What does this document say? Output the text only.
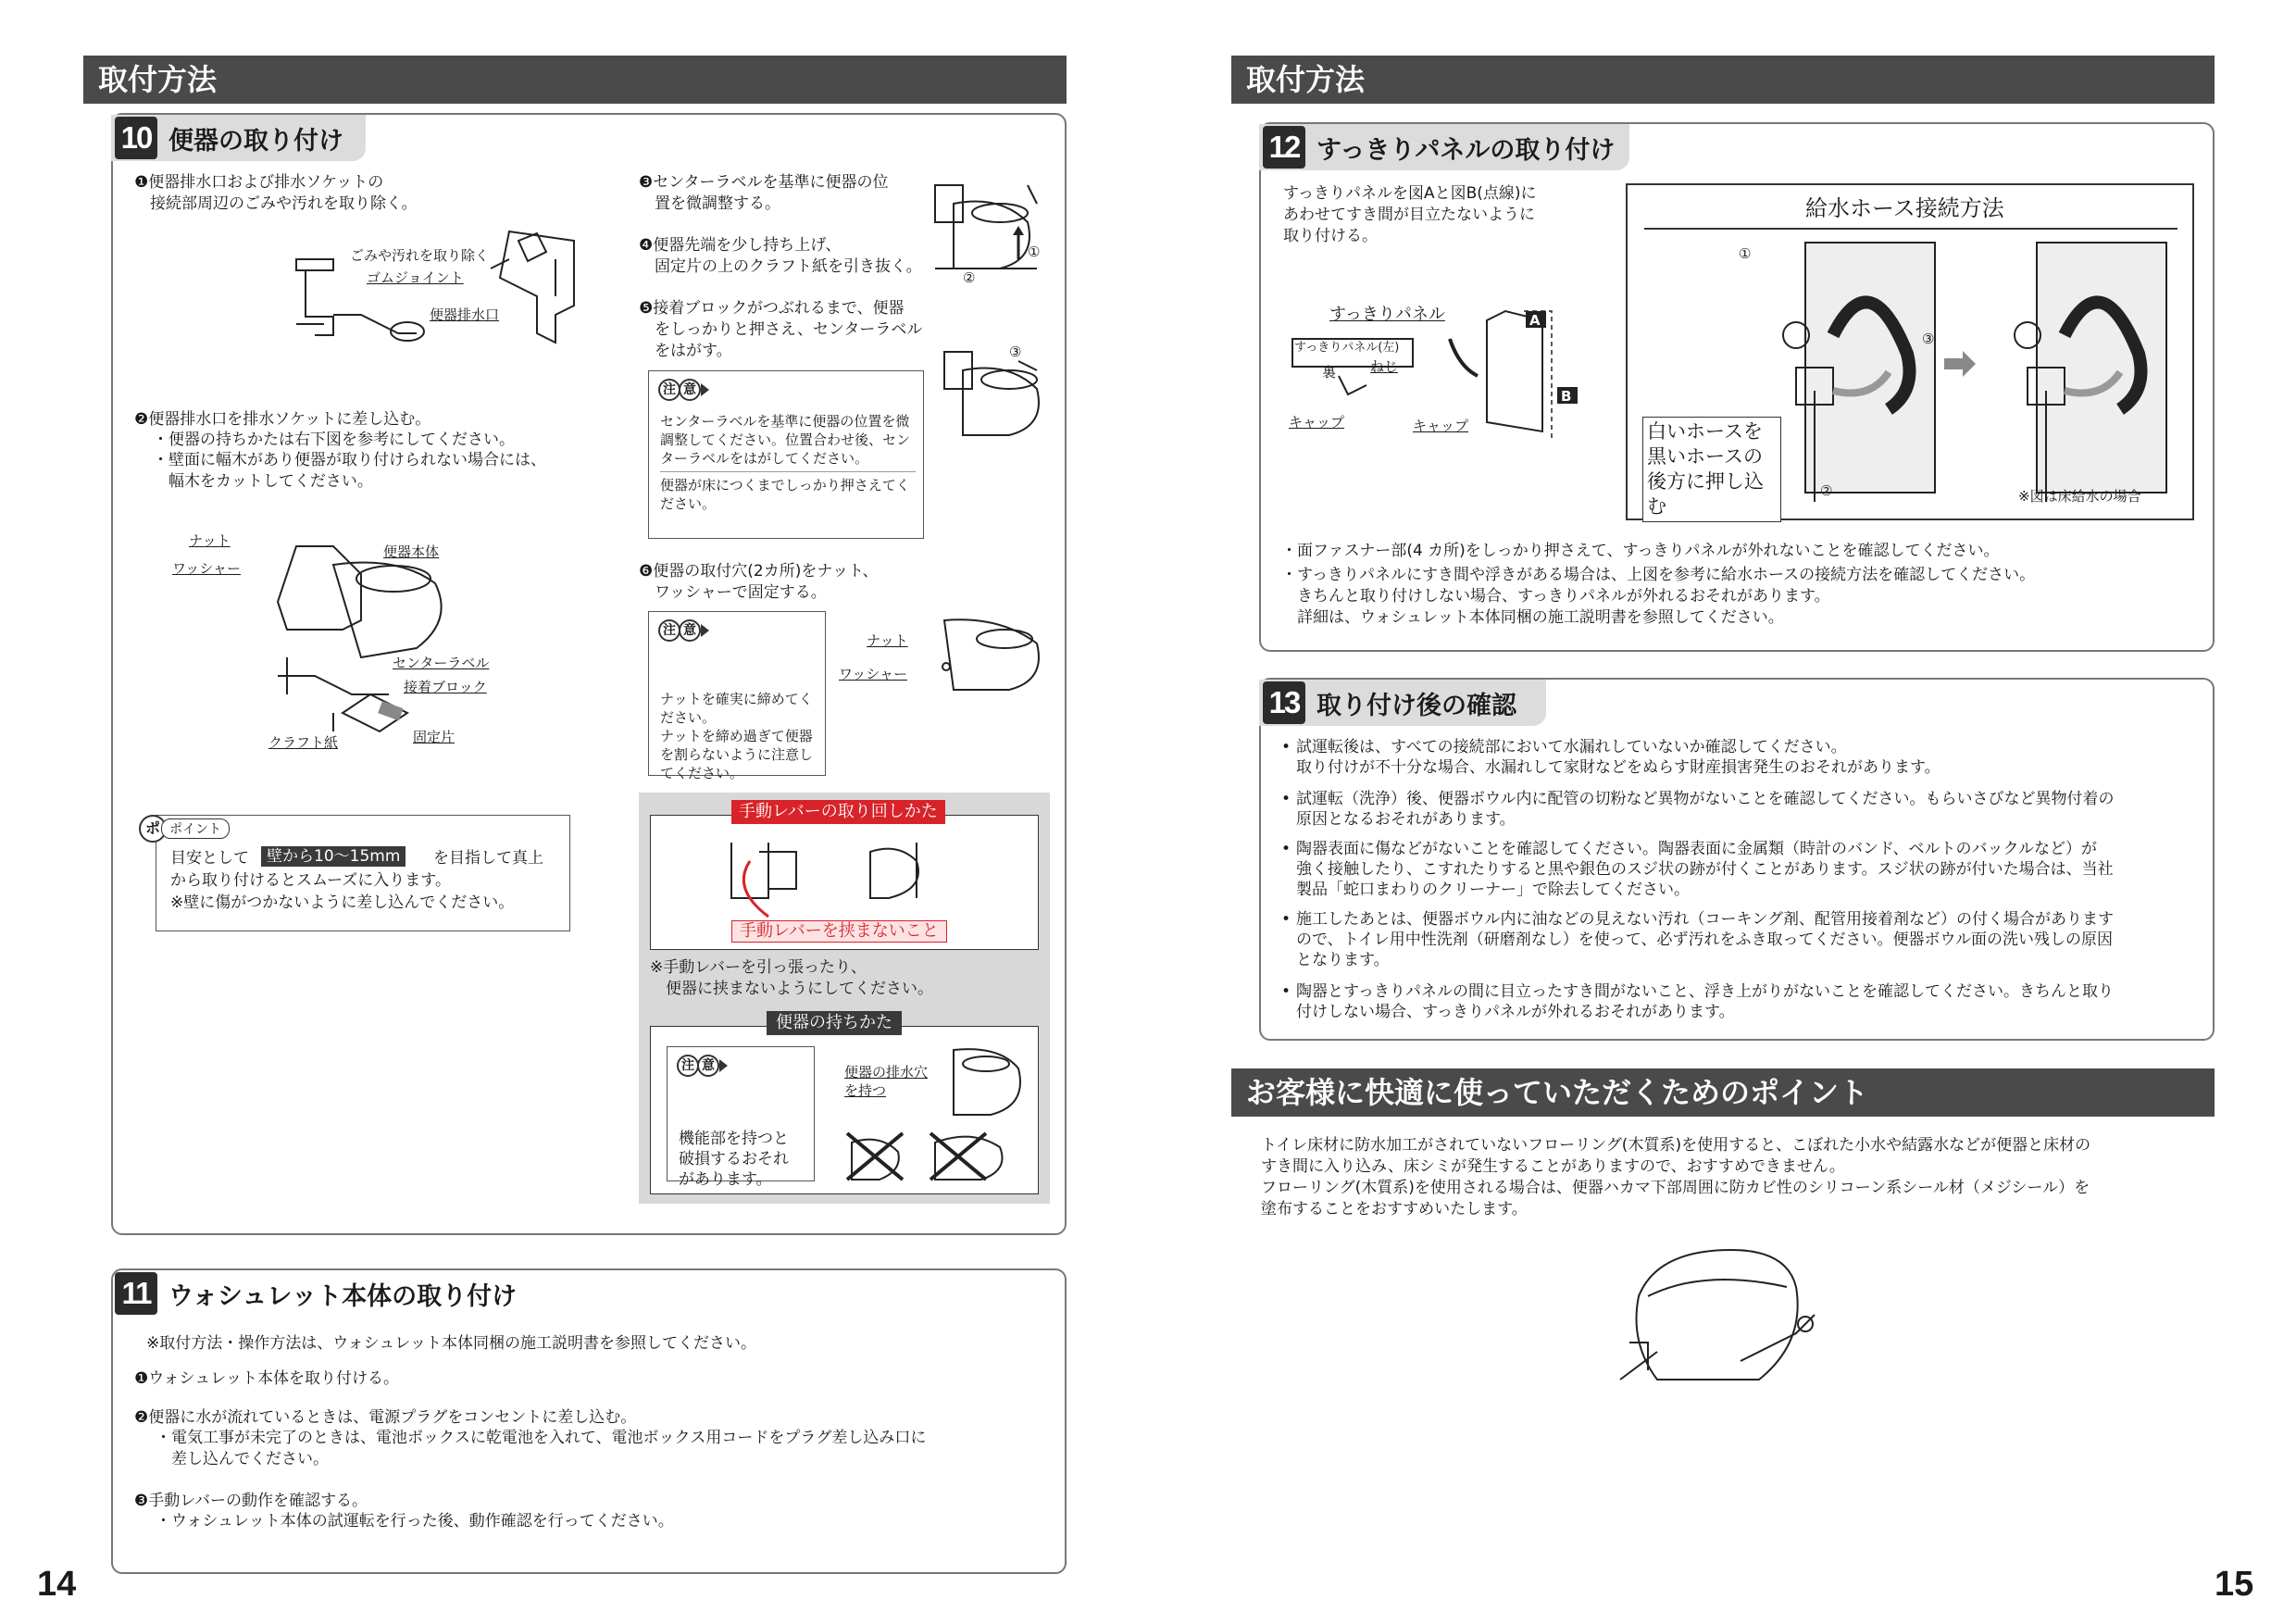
取付方法
10 便器の取り付け
❶便器排水口および排水ソケットの
　接続部周辺のごみや汚れを取り除く。
ごみや汚れを取り除く
ゴムジョイント
便器排水口
❷便器排水口を排水ソケットに差し込む。
・便器の持ちかたは右下図を参考にしてください。
・壁面に幅木があり便器が取り付けられない場合には、
　幅木をカットしてください。
ナット
ワッシャー
便器本体
センターラベル
接着ブロック
クラフト紙	固定片
ポ ポイント
目安として	壁から10〜15mm	を目指して真上
から取り付けるとスムーズに入ります。
※壁に傷がつかないように差し込んでください。
❸センターラベルを基準に便器の位
　置を微調整する。
❹便器先端を少し持ち上げ、
　固定片の上のクラフト紙を引き抜く。
❺接着ブロックがつぶれるまで、便器
　をしっかりと押さえ、センターラベル
　をはがす。
①
②
③
注 意
センターラベルを基準に便器の位置を微調整してください。位置合わせ後、センターラベルをはがしてください。
便器が床につくまでしっかり押さえてください。
❻便器の取付穴(2カ所)をナット、
　ワッシャーで固定する。

注 意

ナットを確実に締めてください。
ナットを締め過ぎて便器を割らないように注意してください。

ナット
ワッシャー
手動レバーの取り回しかた
手動レバーを挟まないこと
※手動レバーを引っ張ったり、
　便器に挟まないようにしてください。
便器の持ちかた

注 意

機能部を持つと
破損するおそれ
があります。

便器の排水穴
を持つ
11 ウォシュレット本体の取り付け
※取付方法・操作方法は、ウォシュレット本体同梱の施工説明書を参照してください。
❶ウォシュレット本体を取り付ける。
❷便器に水が流れているときは、電源プラグをコンセントに差し込む。
・電気工事が未完了のときは、電池ボックスに乾電池を入れて、電池ボックス用コードをプラグ差し込み口に
　差し込んでください。
❸手動レバーの動作を確認する。
・ウォシュレット本体の試運転を行った後、動作確認を行ってください。
14
取付方法
12 すっきりパネルの取り付け
すっきりパネルを図Aと図B(点線)に
あわせてすき間が目立たないように
取り付ける。
すっきりパネル
すっきりパネル(左)
裏 ねじ
キャップ	キャップ
A
B
給水ホース接続方法
①
②
③
白いホースを
黒いホースの
後方に押し込む	※図は床給水の場合
・面ファスナー部(4 カ所)をしっかり押さえて、すっきりパネルが外れないことを確認してください。
・すっきりパネルにすき間や浮きがある場合は、上図を参考に給水ホースの接続方法を確認してください。
　きちんと取り付けしない場合、すっきりパネルが外れるおそれがあります。
　詳細は、ウォシュレット本体同梱の施工説明書を参照してください。
13 取り付け後の確認
• 試運転後は、すべての接続部において水漏れしていないか確認してください。
取り付けが不十分な場合、水漏れして家財などをぬらす財産損害発生のおそれがあります。
• 試運転（洗浄）後、便器ボウル内に配管の切粉など異物がないことを確認してください。もらいさびなど異物付着の
原因となるおそれがあります。
• 陶器表面に傷などがないことを確認してください。陶器表面に金属類（時計のバンド、ベルトのバックルなど）が
強く接触したり、こすれたりすると黒や銀色のスジ状の跡が付くことがあります。スジ状の跡が付いた場合は、当社
製品「蛇口まわりのクリーナー」で除去してください。
• 施工したあとは、便器ボウル内に油などの見えない汚れ（コーキング剤、配管用接着剤など）の付く場合があります
ので、トイレ用中性洗剤（研磨剤なし）を使って、必ず汚れをふき取ってください。便器ボウル面の洗い残しの原因
となります。
• 陶器とすっきりパネルの間に目立ったすき間がないこと、浮き上がりがないことを確認してください。きちんと取り
付けしない場合、すっきりパネルが外れるおそれがあります。
お客様に快適に使っていただくためのポイント
トイレ床材に防水加工がされていないフローリング(木質系)を使用すると、こぼれた小水や結露水などが便器と床材の
すき間に入り込み、床シミが発生することがありますので、おすすめできません。
フローリング(木質系)を使用される場合は、便器ハカマ下部周囲に防カビ性のシリコーン系シール材（メジシール）を
塗布することをおすすめいたします。
15
